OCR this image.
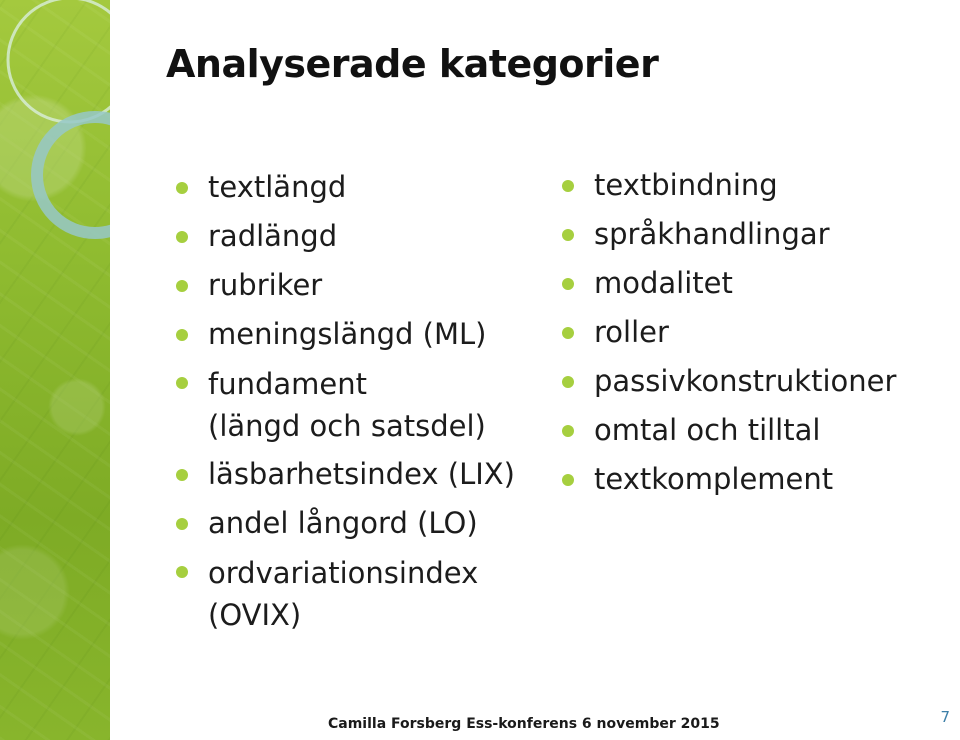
Analyserade kategorier
textlängd
radlängd
rubriker
meningslängd (ML)
fundament
(längd och satsdel)
läsbarhetsindex (LIX)
andel långord (LO)
ordvariationsindex
(OVIX)
textbindning
språkhandlingar
modalitet
roller
passivkonstruktioner
omtal och tilltal
textkomplement
Camilla Forsberg Ess-konferens 6 november 2015	7
